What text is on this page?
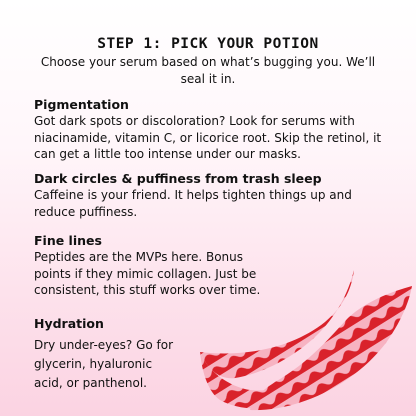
STEP 1: PICK YOUR POTION
Choose your serum based on what’s bugging you. We’ll seal it in.
Pigmentation

Got dark spots or discoloration? Look for serums with niacinamide, vitamin C, or licorice root. Skip the retinol, it can get a little too intense under our masks.

Dark circles & puffiness from trash sleep

Caffeine is your friend. It helps tighten things up and reduce puffiness.

Fine lines

Peptides are the MVPs here. Bonus points if they mimic collagen. Just be consistent, this stuff works over time.

Hydration

Dry under-eyes? Go for glycerin, hyaluronic acid, or panthenol.
